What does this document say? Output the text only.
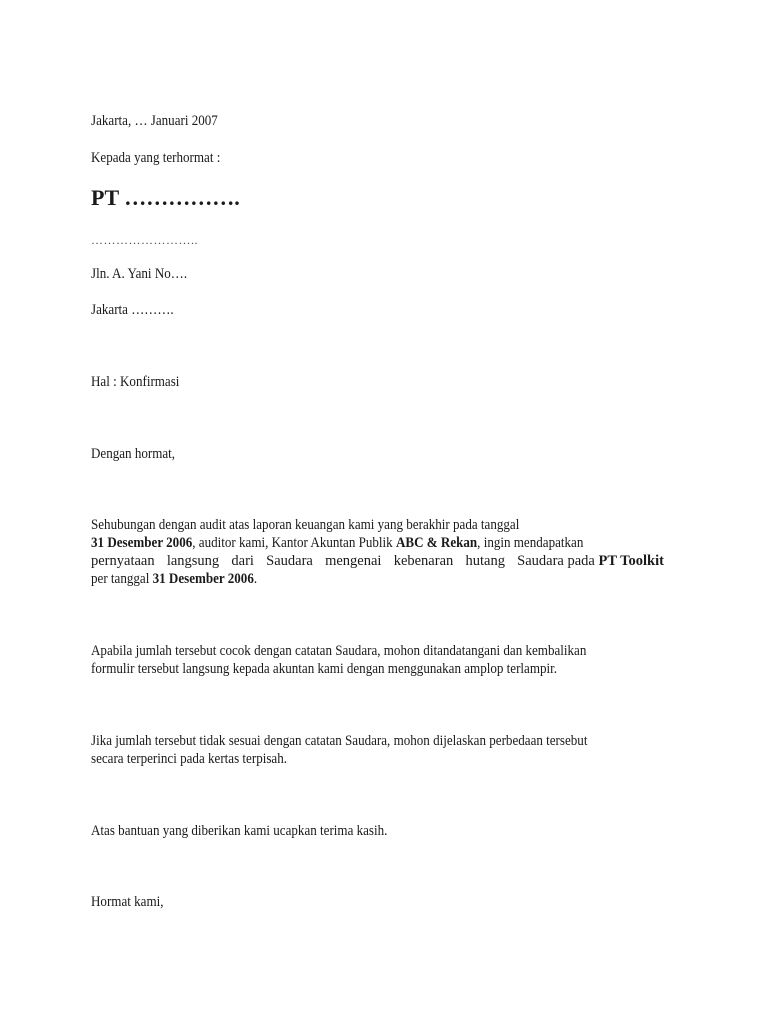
Jakarta, … Januari 2007
Kepada yang terhormat :
PT …………….
……………………..
Jln. A. Yani No….
Jakarta ……….
Hal : Konfirmasi
Dengan hormat,
Sehubungan dengan audit atas laporan keuangan kami yang berakhir pada tanggal
31 Desember 2006, auditor kami, Kantor Akuntan Publik ABC & Rekan, ingin mendapatkan
pernyataan langsung dari Saudara mengenai kebenaran hutang Saudara pada PT Toolkit
per tanggal 31 Desember 2006.
Apabila jumlah tersebut cocok dengan catatan Saudara, mohon ditandatangani dan kembalikan
formulir tersebut langsung kepada akuntan kami dengan menggunakan amplop terlampir.
Jika jumlah tersebut tidak sesuai dengan catatan Saudara, mohon dijelaskan perbedaan tersebut
secara terperinci pada kertas terpisah.
Atas bantuan yang diberikan kami ucapkan terima kasih.
Hormat kami,
